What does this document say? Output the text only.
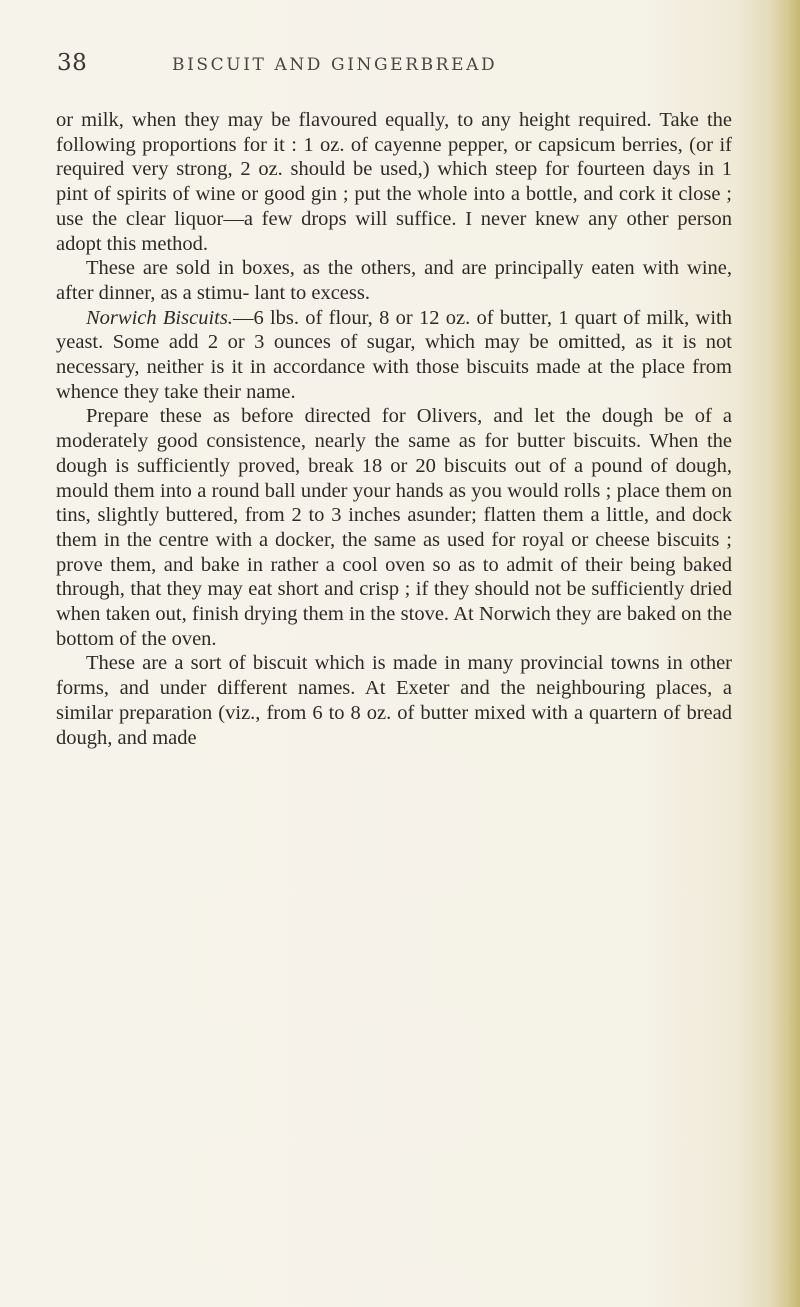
38	BISCUIT AND GINGERBREAD

or milk, when they may be flavoured equally, to any height required. Take the following proportions for it : 1 oz. of cayenne pepper, or capsicum berries, (or if required very strong, 2 oz. should be used,) which steep for fourteen days in 1 pint of spirits of wine or good gin ; put the whole into a bottle, and cork it close ; use the clear liquor—a few drops will suffice. I never knew any other person adopt this method.

These are sold in boxes, as the others, and are principally eaten with wine, after dinner, as a stimu- lant to excess.

Norwich Biscuits.—6 lbs. of flour, 8 or 12 oz. of butter, 1 quart of milk, with yeast. Some add 2 or 3 ounces of sugar, which may be omitted, as it is not necessary, neither is it in accordance with those biscuits made at the place from whence they take their name.

Prepare these as before directed for Olivers, and let the dough be of a moderately good consistence, nearly the same as for butter biscuits. When the dough is sufficiently proved, break 18 or 20 biscuits out of a pound of dough, mould them into a round ball under your hands as you would rolls ; place them on tins, slightly buttered, from 2 to 3 inches asunder; flatten them a little, and dock them in the centre with a docker, the same as used for royal or cheese biscuits ; prove them, and bake in rather a cool oven so as to admit of their being baked through, that they may eat short and crisp ; if they should not be sufficiently dried when taken out, finish drying them in the stove. At Norwich they are baked on the bottom of the oven.

These are a sort of biscuit which is made in many provincial towns in other forms, and under different names. At Exeter and the neighbouring places, a similar preparation (viz., from 6 to 8 oz. of butter mixed with a quartern of bread dough, and made
